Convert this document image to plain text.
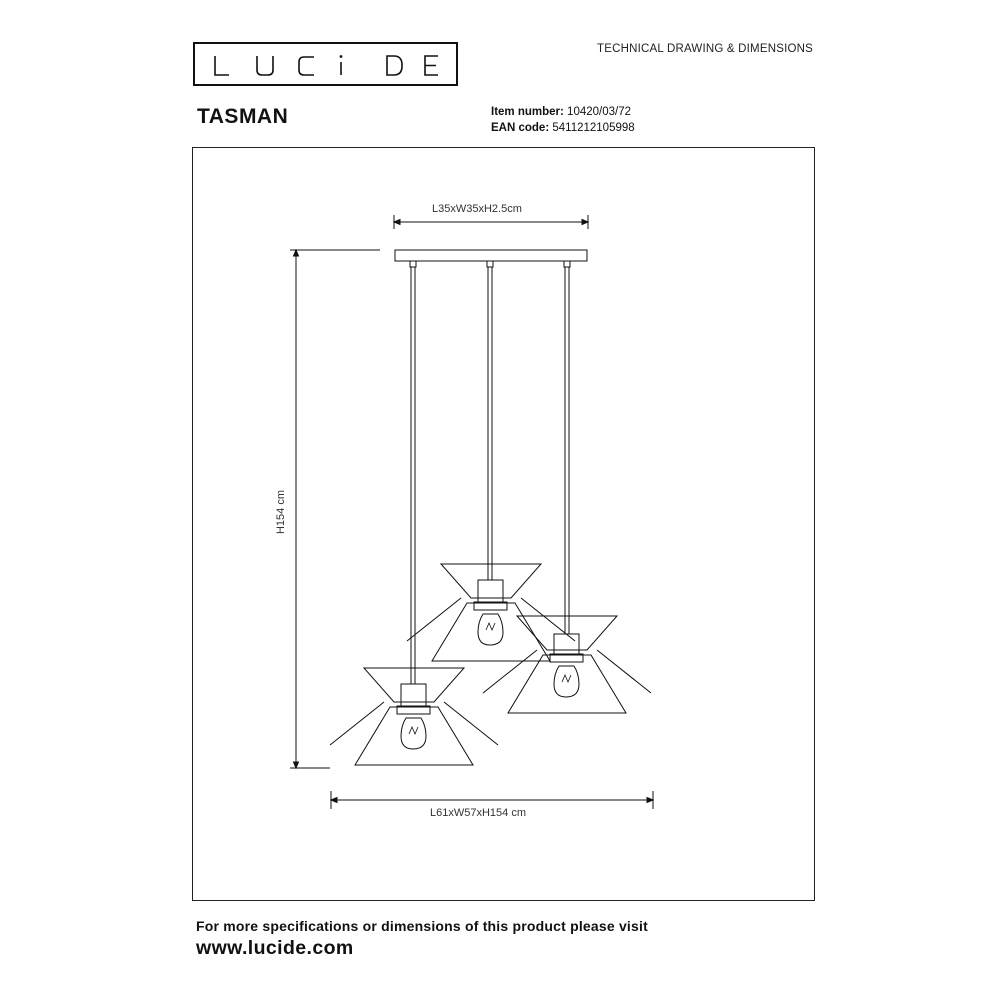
TECHNICAL DRAWING & DIMENSIONS
TASMAN	Item number: 10420/03/72
EAN code: 5411212105998
L35xW35xH2.5cm
H154 cm
L61xW57xH154 cm
For more specifications or dimensions of this product please visit
www.lucide.com
